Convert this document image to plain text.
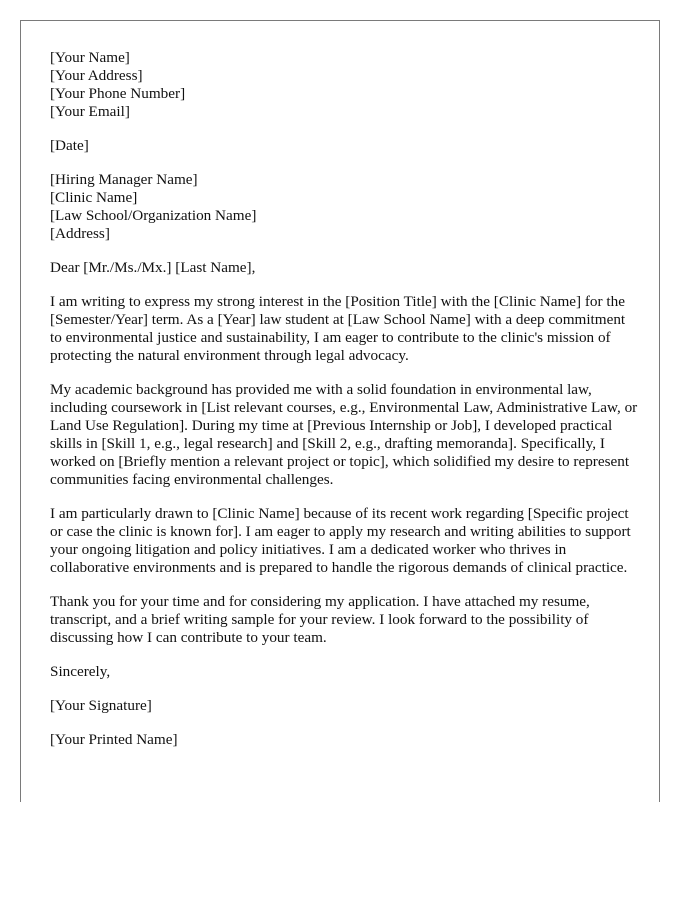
[Your Name]
[Your Address]
[Your Phone Number]
[Your Email]
[Date]
[Hiring Manager Name]
[Clinic Name]
[Law School/Organization Name]
[Address]

Dear [Mr./Ms./Mx.] [Last Name],

I am writing to express my strong interest in the [Position Title] with the [Clinic Name] for the [Semester/Year] term. As a [Year] law student at [Law School Name] with a deep commitment to environmental justice and sustainability, I am eager to contribute to the clinic's mission of protecting the natural environment through legal advocacy.

My academic background has provided me with a solid foundation in environmental law, including coursework in [List relevant courses, e.g., Environmental Law, Administrative Law, or Land Use Regulation]. During my time at [Previous Internship or Job], I developed practical skills in [Skill 1, e.g., legal research] and [Skill 2, e.g., drafting memoranda]. Specifically, I worked on [Briefly mention a relevant project or topic], which solidified my desire to represent communities facing environmental challenges.

I am particularly drawn to [Clinic Name] because of its recent work regarding [Specific project or case the clinic is known for]. I am eager to apply my research and writing abilities to support your ongoing litigation and policy initiatives. I am a dedicated worker who thrives in collaborative environments and is prepared to handle the rigorous demands of clinical practice.

Thank you for your time and for considering my application. I have attached my resume, transcript, and a brief writing sample for your review. I look forward to the possibility of discussing how I can contribute to your team.

Sincerely,

[Your Signature]

[Your Printed Name]
